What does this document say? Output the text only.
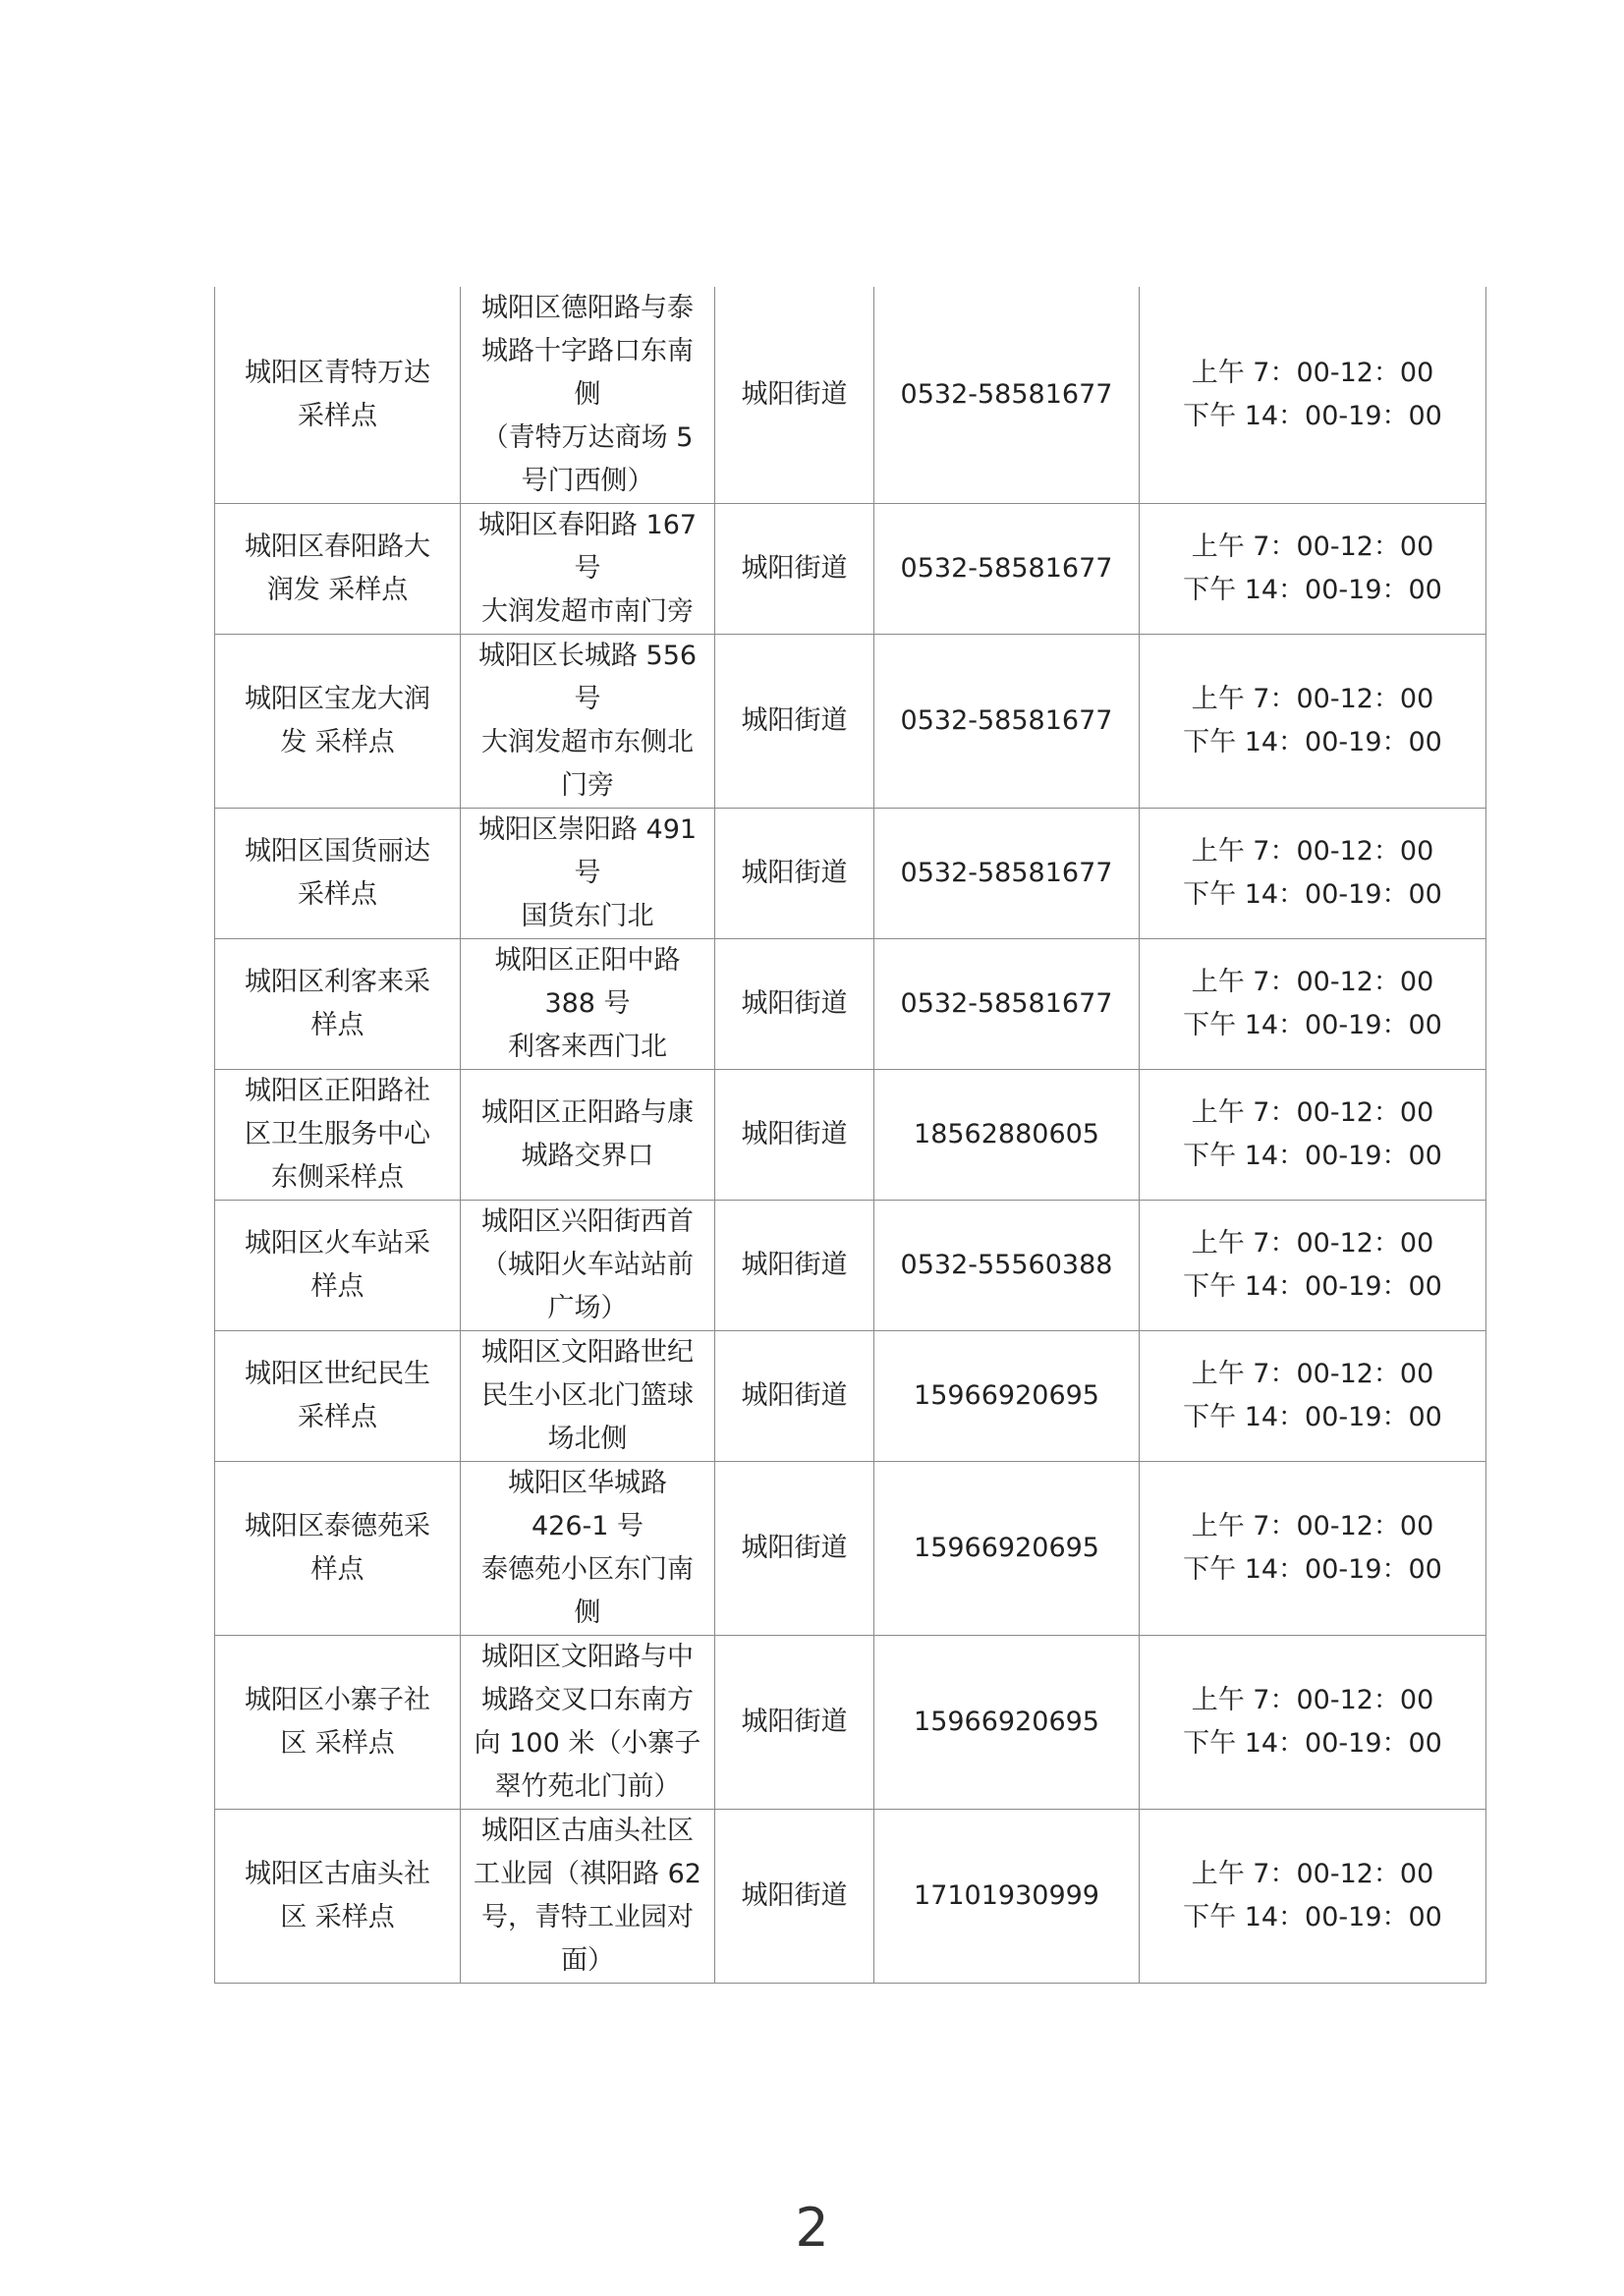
城阳区青特万达
采样点	城阳区德阳路与泰
城路十字路口东南
侧
（青特万达商场 5
号门西侧）	城阳街道	0532-58581677	上午 7：00-12：00
下午 14：00-19：00

城阳区春阳路大
润发 采样点	城阳区春阳路 167
号
大润发超市南门旁	城阳街道	0532-58581677	上午 7：00-12：00
下午 14：00-19：00

城阳区宝龙大润
发 采样点	城阳区长城路 556
号
大润发超市东侧北
门旁	城阳街道	0532-58581677	上午 7：00-12：00
下午 14：00-19：00

城阳区国货丽达
采样点	城阳区崇阳路 491
号
国货东门北	城阳街道	0532-58581677	上午 7：00-12：00
下午 14：00-19：00

城阳区利客来采
样点	城阳区正阳中路
388 号
利客来西门北	城阳街道	0532-58581677	上午 7：00-12：00
下午 14：00-19：00

城阳区正阳路社
区卫生服务中心
东侧采样点	城阳区正阳路与康
城路交界口	城阳街道	18562880605	上午 7：00-12：00
下午 14：00-19：00

城阳区火车站采
样点	城阳区兴阳街西首
（城阳火车站站前
广场）	城阳街道	0532-55560388	上午 7：00-12：00
下午 14：00-19：00

城阳区世纪民生
采样点	城阳区文阳路世纪
民生小区北门篮球
场北侧	城阳街道	15966920695	上午 7：00-12：00
下午 14：00-19：00

城阳区泰德苑采
样点	城阳区华城路
426-1 号
泰德苑小区东门南
侧	城阳街道	15966920695	上午 7：00-12：00
下午 14：00-19：00

城阳区小寨子社
区 采样点	城阳区文阳路与中
城路交叉口东南方
向 100 米（小寨子
翠竹苑北门前）	城阳街道	15966920695	上午 7：00-12：00
下午 14：00-19：00

城阳区古庙头社
区 采样点	城阳区古庙头社区
工业园（祺阳路 62
号，青特工业园对
面）	城阳街道	17101930999	上午 7：00-12：00
下午 14：00-19：00
2
